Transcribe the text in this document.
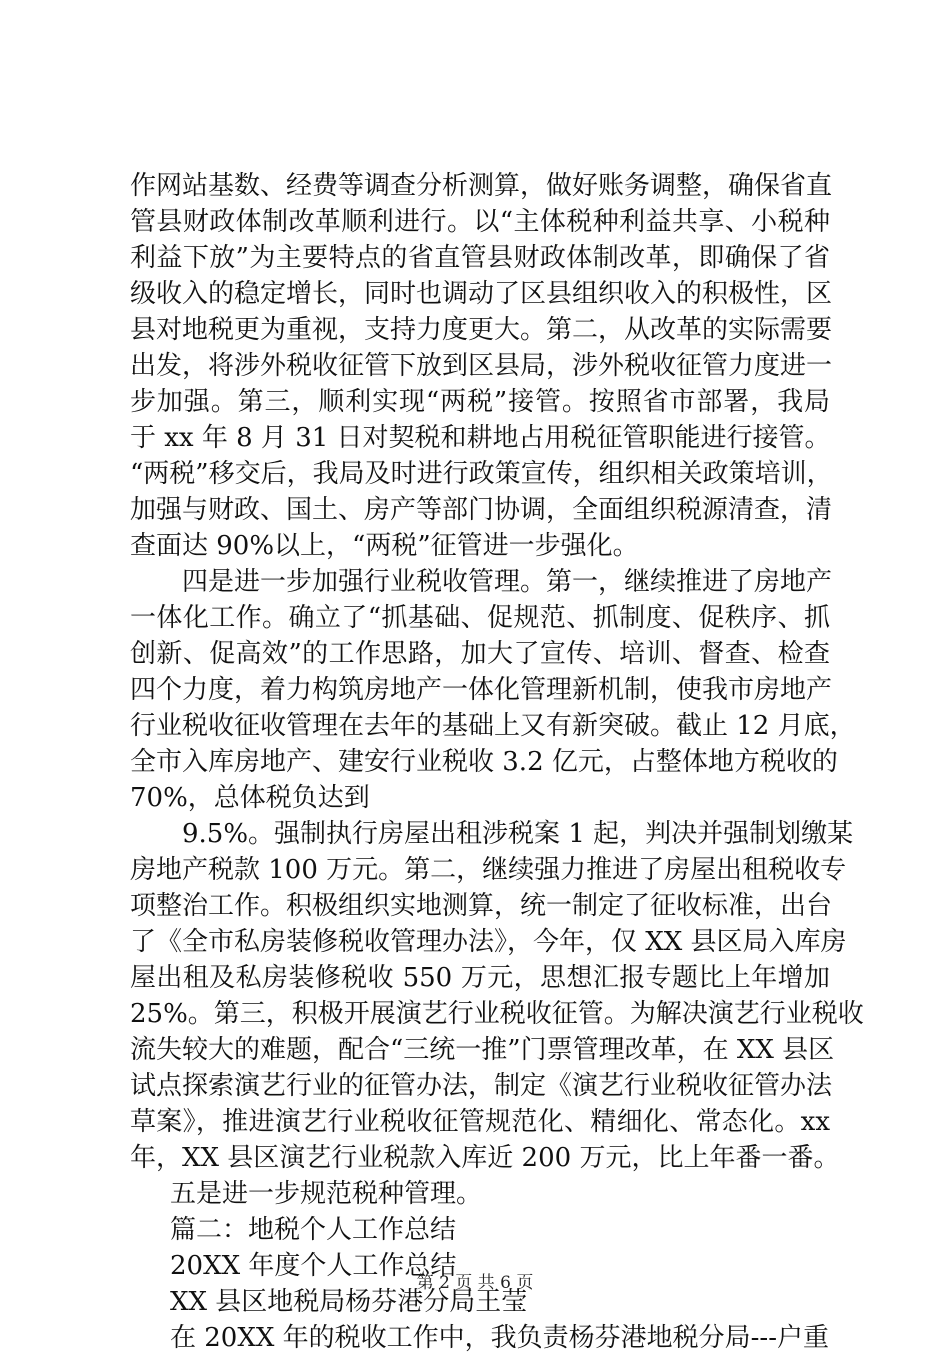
作网站基数、经费等调查分析测算，做好账务调整，确保省直
管县财政体制改革顺利进行。以“主体税种利益共享、小税种
利益下放”为主要特点的省直管县财政体制改革，即确保了省
级收入的稳定增长，同时也调动了区县组织收入的积极性，区
县对地税更为重视，支持力度更大。第二，从改革的实际需要
出发，将涉外税收征管下放到区县局，涉外税收征管力度进一
步加强。第三，顺利实现“两税”接管。按照省市部署，我局
于 xx 年 8 月 31 日对契税和耕地占用税征管职能进行接管。
“两税”移交后，我局及时进行政策宣传，组织相关政策培训，
加强与财政、国土、房产等部门协调，全面组织税源清查，清
查面达 90%以上，“两税”征管进一步强化。
四是进一步加强行业税收管理。第一，继续推进了房地产
一体化工作。确立了“抓基础、促规范、抓制度、促秩序、抓
创新、促高效”的工作思路，加大了宣传、培训、督查、检查
四个力度，着力构筑房地产一体化管理新机制，使我市房地产
行业税收征收管理在去年的基础上又有新突破。截止 12 月底，
全市入库房地产、建安行业税收 3.2 亿元，占整体地方税收的
70%，总体税负达到
9.5%。强制执行房屋出租涉税案 1 起，判决并强制划缴某
房地产税款 100 万元。第二，继续强力推进了房屋出租税收专
项整治工作。积极组织实地测算，统一制定了征收标准，出台
了《全市私房装修税收管理办法》，今年，仅 XX 县区局入库房
屋出租及私房装修税收 550 万元，思想汇报专题比上年增加
25%。第三，积极开展演艺行业税收征管。为解决演艺行业税收
流失较大的难题，配合“三统一推”门票管理改革，在 XX 县区
试点探索演艺行业的征管办法，制定《演艺行业税收征管办法
草案》，推进演艺行业税收征管规范化、精细化、常态化。xx
年，XX 县区演艺行业税款入库近 200 万元，比上年番一番。
五是进一步规范税种管理。
篇二：地税个人工作总结
20XX 年度个人工作总结
XX 县区地税局杨芬港分局王莹
在 20XX 年的税收工作中，我负责杨芬港地税分局---户重
第 2 页 共 6 页
